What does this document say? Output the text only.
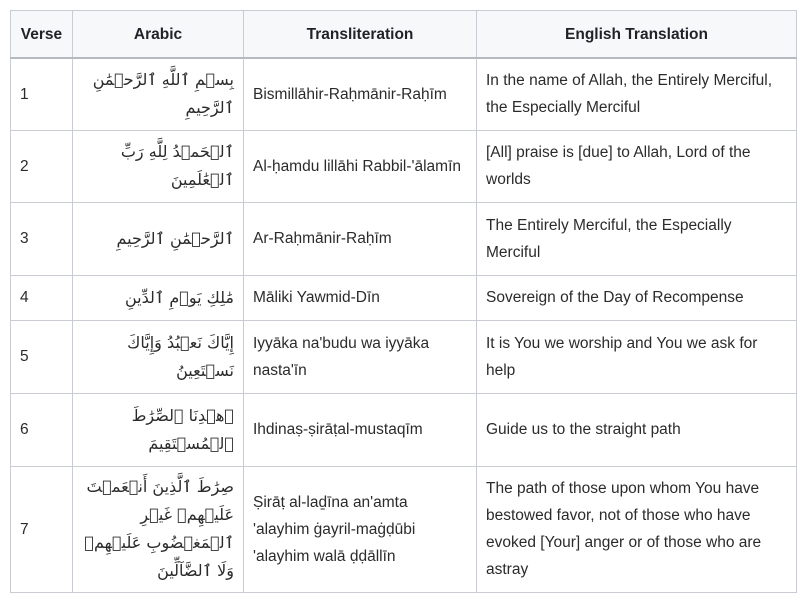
Verse	Arabic	Transliteration	English Translation
1	بِسۡمِ ٱللَّهِ ٱلرَّحۡمَٰنِ ٱلرَّحِيمِ	Bismillāhir-Raḥmānir-Raḥīm	In the name of Allah, the Entirely Merciful, the Especially Merciful
2	ٱلۡحَمۡدُ لِلَّهِ رَبِّ ٱلۡعَٰلَمِينَ	Al-ḥamdu lillāhi Rabbil-'ālamīn	[All] praise is [due] to Allah, Lord of the worlds
3	ٱلرَّحۡمَٰنِ ٱلرَّحِيمِ	Ar-Raḥmānir-Raḥīm	The Entirely Merciful, the Especially Merciful
4	مَٰلِكِ يَوۡمِ ٱلدِّينِ	Māliki Yawmid-Dīn	Sovereign of the Day of Recompense
5	إِيَّاكَ نَعۡبُدُ وَإِيَّاكَ نَسۡتَعِينُ	Iyyāka na'budu wa iyyāka nasta'īn	It is You we worship and You we ask for help
6	ٱهۡدِنَا ٱلصِّرَٰطَ ٱلۡمُسۡتَقِيمَ	Ihdinaṣ-ṣirāṭal-mustaqīm	Guide us to the straight path
7	صِرَٰطَ ٱلَّذِينَ أَنۡعَمۡتَ عَلَيۡهِمۡ غَيۡرِ ٱلۡمَغۡضُوبِ عَلَيۡهِمۡ وَلَا ٱلضَّآلِّينَ	Ṣirāṭ al-laḏīna an'amta 'alayhim ġayril-maġḍūbi 'alayhim walā ḍḍāllīn	The path of those upon whom You have bestowed favor, not of those who have evoked [Your] anger or of those who are astray
